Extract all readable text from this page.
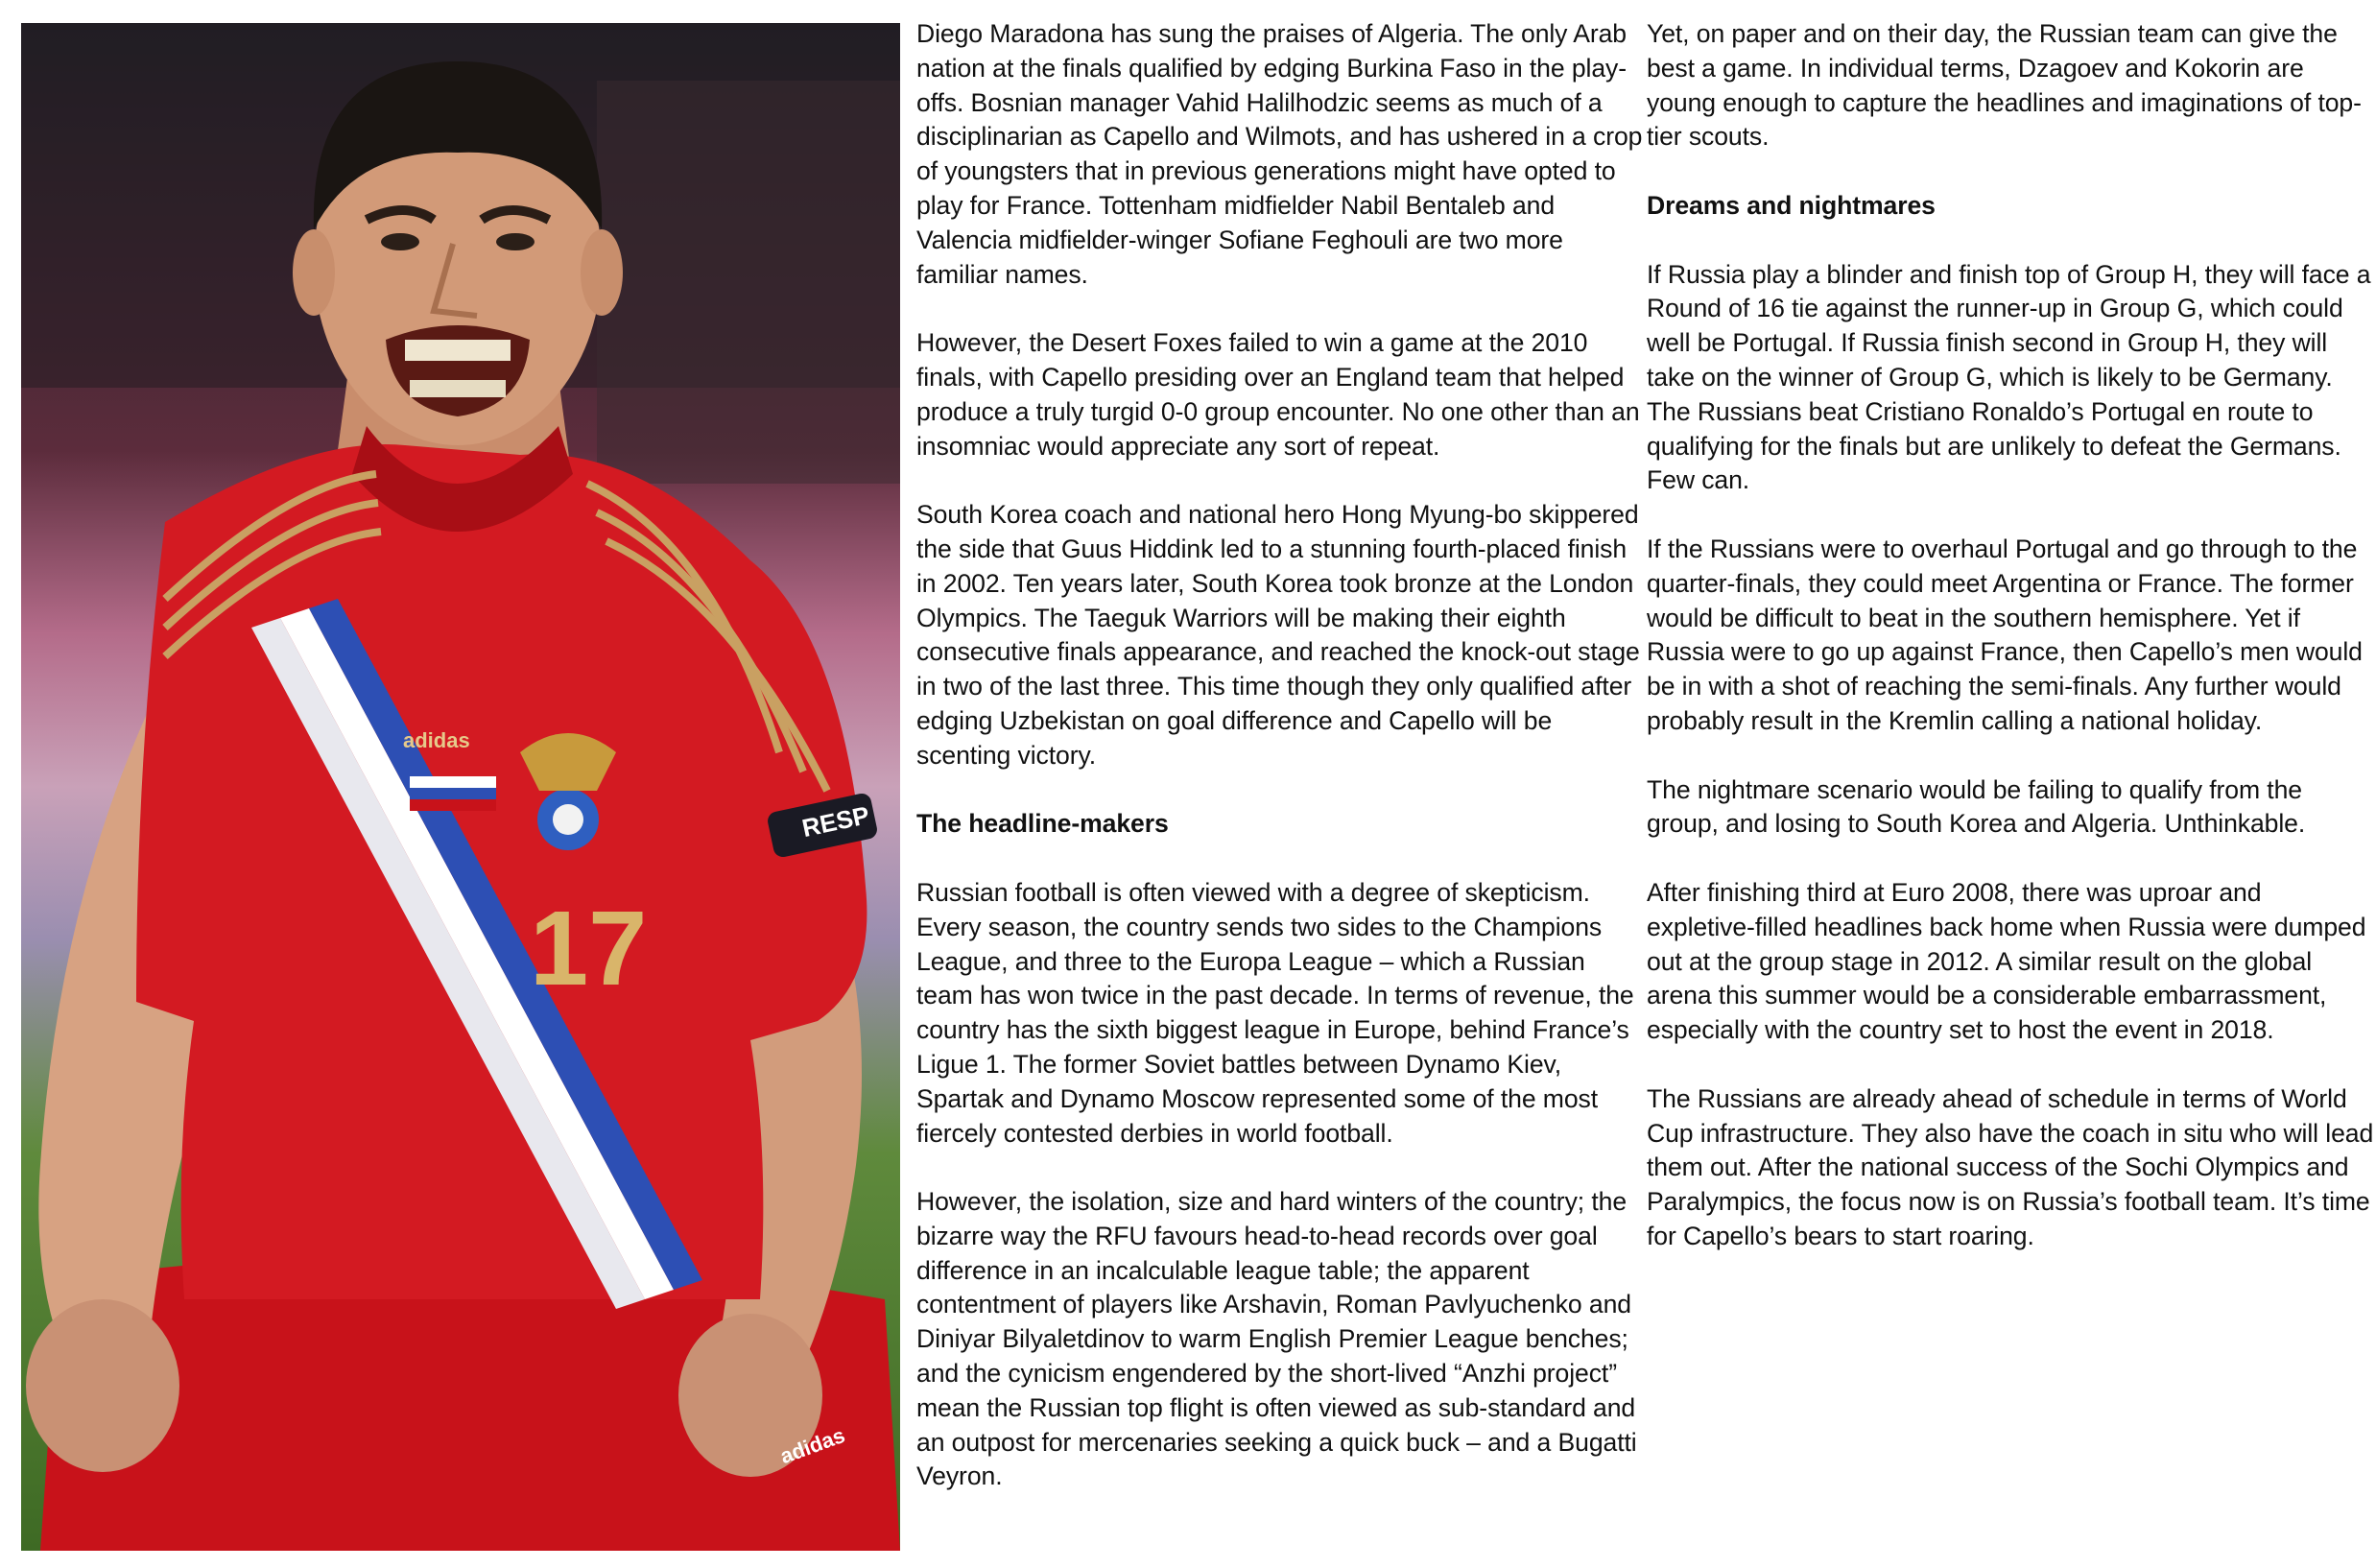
adidas
17
RESP
adidas

Diego Maradona has sung the praises of Algeria. The only Arab nation at the finals qualified by edging Burkina Faso in the play-offs. Bosnian manager Vahid Halilhodzic seems as much of a disciplinarian as Capello and Wilmots, and has ushered in a crop of youngsters that in previous generations might have opted to play for France. Tottenham midfielder Nabil Bentaleb and Valencia midfielder-winger Sofiane Feghouli are two more familiar names.

However, the Desert Foxes failed to win a game at the 2010 finals, with Capello presiding over an England team that helped produce a truly turgid 0-0 group encounter. No one other than an insomniac would appreciate any sort of repeat.

South Korea coach and national hero Hong Myung-bo skippered the side that Guus Hiddink led to a stunning fourth-placed finish in 2002. Ten years later, South Korea took bronze at the London Olympics. The Taeguk Warriors will be making their eighth consecutive finals appearance, and reached the knock-out stage in two of the last three. This time though they only qualified after edging Uzbekistan on goal difference and Capello will be scenting victory.

The headline-makers

Russian football is often viewed with a degree of skepticism. Every season, the country sends two sides to the Champions League, and three to the Europa League – which a Russian team has won twice in the past decade. In terms of revenue, the country has the sixth biggest league in Europe, behind France’s Ligue 1. The former Soviet battles between Dynamo Kiev, Spartak and Dynamo Moscow represented some of the most fiercely contested derbies in world football.

However, the isolation, size and hard winters of the country; the bizarre way the RFU favours head-to-head records over goal difference in an incalculable league table; the apparent contentment of players like Arshavin, Roman Pavlyuchenko and Diniyar Bilyaletdinov to warm English Premier League benches; and the cynicism engendered by the short-lived “Anzhi project” mean the Russian top flight is often viewed as sub-standard and an outpost for mercenaries seeking a quick buck – and a Bugatti Veyron.

Yet, on paper and on their day, the Russian team can give the best a game. In individual terms, Dzagoev and Kokorin are young enough to capture the headlines and imaginations of top-tier scouts.

Dreams and nightmares

If Russia play a blinder and finish top of Group H, they will face a Round of 16 tie against the runner-up in Group G, which could well be Portugal. If Russia finish second in Group H, they will take on the winner of Group G, which is likely to be Germany. The Russians beat Cristiano Ronaldo’s Portugal en route to qualifying for the finals but are unlikely to defeat the Germans. Few can.

If the Russians were to overhaul Portugal and go through to the quarter-finals, they could meet Argentina or France. The former would be difficult to beat in the southern hemisphere. Yet if Russia were to go up against France, then Capello’s men would be in with a shot of reaching the semi-finals. Any further would probably result in the Kremlin calling a national holiday.

The nightmare scenario would be failing to qualify from the group, and losing to South Korea and Algeria. Unthinkable.

After finishing third at Euro 2008, there was uproar and expletive-filled headlines back home when Russia were dumped out at the group stage in 2012. A similar result on the global arena this summer would be a considerable embarrassment, especially with the country set to host the event in 2018.

The Russians are already ahead of schedule in terms of World Cup infrastructure. They also have the coach in situ who will lead them out. After the national success of the Sochi Olympics and Paralympics, the focus now is on Russia’s football team. It’s time for Capello’s bears to start roaring.
